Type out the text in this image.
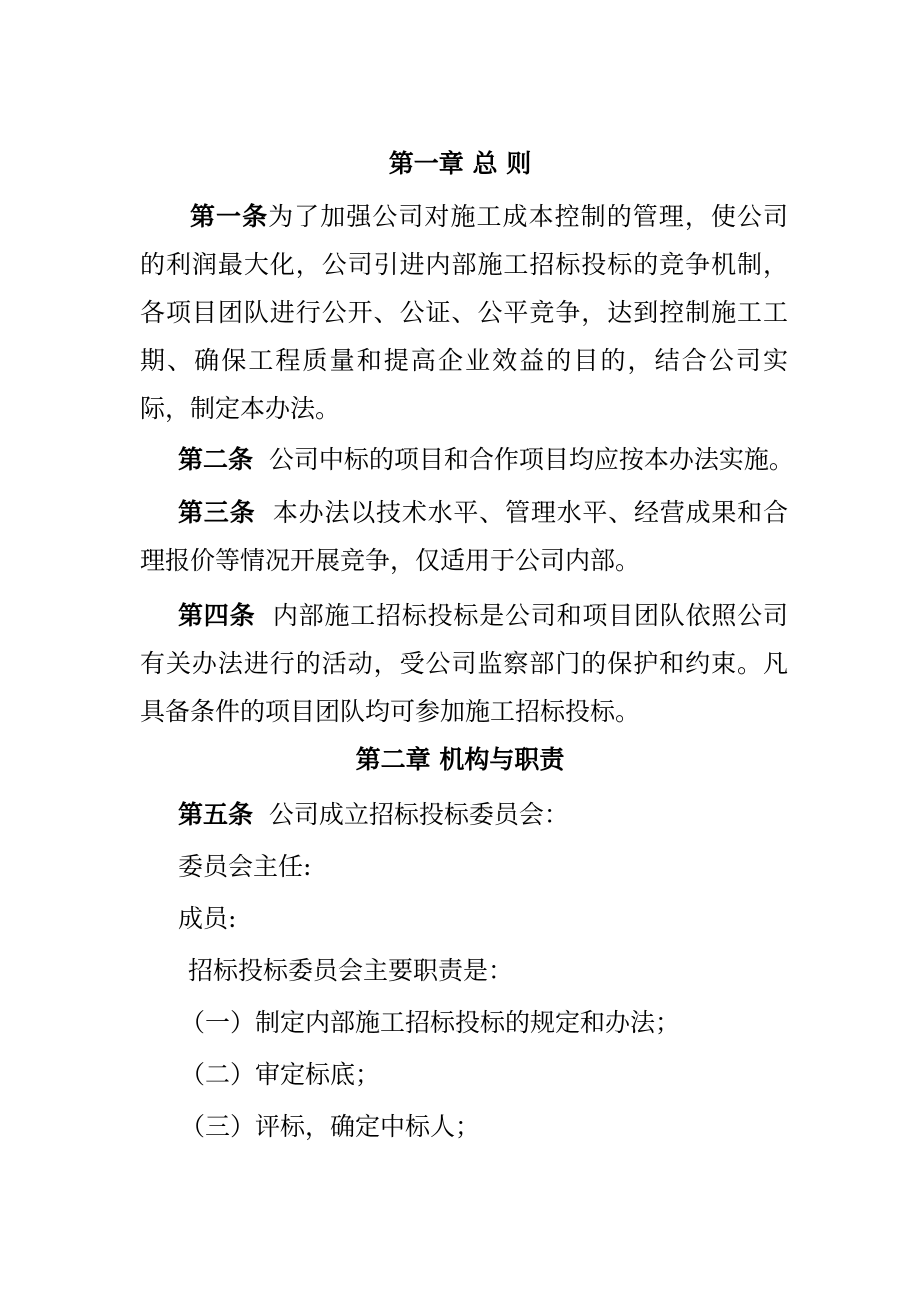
第一章 总 则
第一条为了加强公司对施工成本控制的管理，使公司的利润最大化，公司引进内部施工招标投标的竞争机制，各项目团队进行公开、公证、公平竞争，达到控制施工工期、确保工程质量和提高企业效益的目的，结合公司实际，制定本办法。
第二条 公司中标的项目和合作项目均应按本办法实施。
第三条 本办法以技术水平、管理水平、经营成果和合理报价等情况开展竞争，仅适用于公司内部。
第四条 内部施工招标投标是公司和项目团队依照公司有关办法进行的活动，受公司监察部门的保护和约束。凡具备条件的项目团队均可参加施工招标投标。
第二章 机构与职责
第五条 公司成立招标投标委员会：
委员会主任:
成员:
招标投标委员会主要职责是：
（一）制定内部施工招标投标的规定和办法；
（二）审定标底；
（三）评标，确定中标人；
